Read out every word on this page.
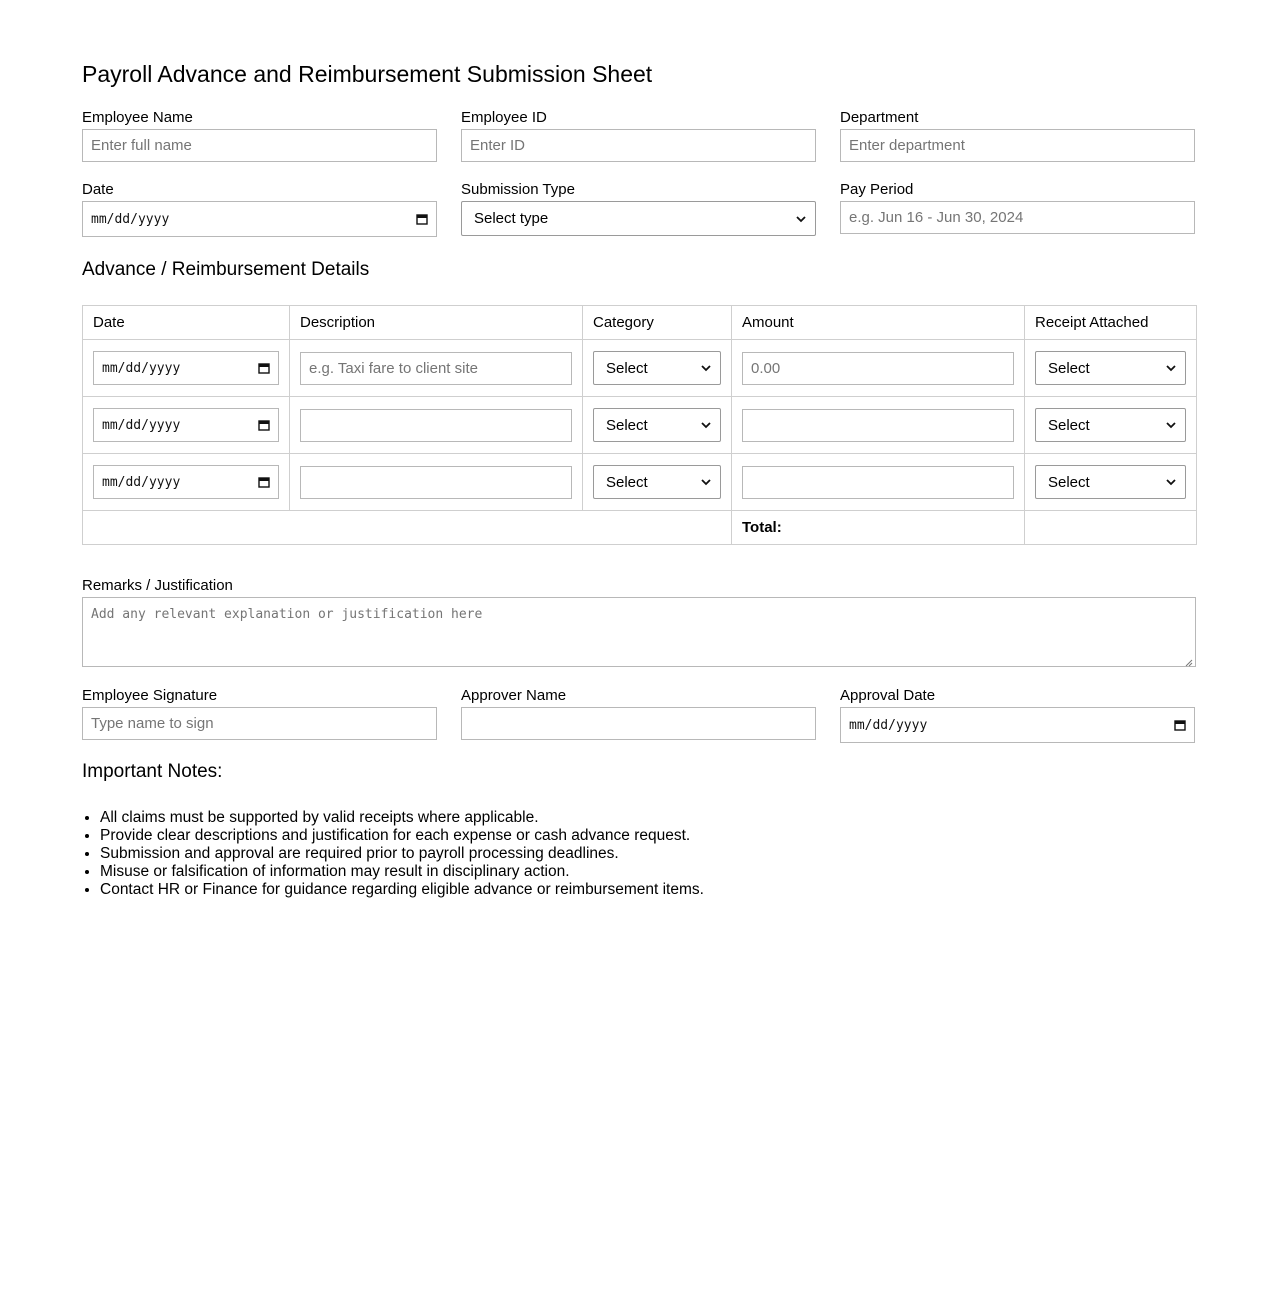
Payroll Advance and Reimbursement Submission Sheet
Employee Name
Enter full name
Employee ID
Enter ID
Department
Enter department
Date
mm/dd/yyyy
Submission Type
Select type
Pay Period
e.g. Jun 16 - Jun 30, 2024
Advance / Reimbursement Details
Date	Description	Category	Amount	Receipt Attached

mm/dd/yyyy	e.g. Taxi fare to client site	Select	0.00	Select

mm/dd/yyyy		Select		Select

mm/dd/yyyy		Select		Select

			Total:	
Remarks / Justification
Add any relevant explanation or justification here
Employee Signature
Type name to sign
Approver Name	Approval Date
mm/dd/yyyy
Important Notes:
• All claims must be supported by valid receipts where applicable.
• Provide clear descriptions and justification for each expense or cash advance request.
• Submission and approval are required prior to payroll processing deadlines.
• Misuse or falsification of information may result in disciplinary action.
• Contact HR or Finance for guidance regarding eligible advance or reimbursement items.
